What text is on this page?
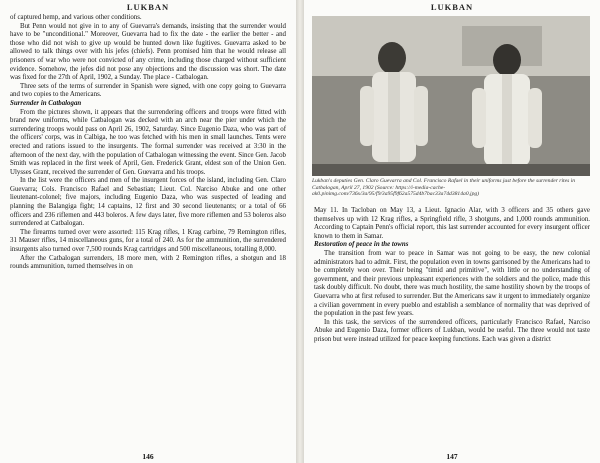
LUKBAN

of captured hemp, and various other conditions.

But Penn would not give in to any of Guevarra's demands, insisting that the surrender would have to be "unconditional." Moreover, Guevarra had to fix the date - the earlier the better - and those who did not wish to give up would be hunted down like fugitives. Guevarra asked to be allowed to talk things over with his jefes (chiefs). Penn promised him that he would release all prisoners of war who were not convicted of any crime, including those charged without sufficient evidence. Somehow, the jefes did not pose any objections and the discussion was short. The date was fixed for the 27th of April, 1902, a Sunday. The place - Catbalogan.

Three sets of the terms of surrender in Spanish were signed, with one copy going to Guevarra and two copies to the Americans.

Surrender in Catbalogan

From the pictures shown, it appears that the surrendering officers and troops were fitted with brand new uniforms, while Catbalogan was decked with an arch near the pier under which the surrendering troops would pass on April 26, 1902, Saturday. Since Eugenio Daza, who was part of the officers' corps, was in Calbiga, he too was fetched with his men in small launches. Tents were erected and rations issued to the insurgents. The formal surrender was received at 3:30 in the afternoon of the next day, with the population of Catbalogan witnessing the event. Since Gen. Jacob Smith was replaced in the first week of April, Gen. Frederick Grant, eldest son of the Union Gen. Ulysses Grant, received the surrender of Gen. Guevarra and his troops.

In the list were the officers and men of the insurgent forces of the island, including Gen. Claro Guevarra; Cols. Francisco Rafael and Sebastian; Lieut. Col. Narciso Abuke and one other lieutenant-colonel; five majors, including Eugenio Daza, who was suspected of leading and planning the Balangiga fight; 14 captains, 12 first and 30 second lieutenants; or a total of 66 officers and 236 riflemen and 443 boleros. A few days later, five more riflemen and 53 boleros also surrendered at Catbalogan.

The firearms turned over were assorted: 115 Krag rifles, 1 Krag carbine, 79 Remington rifles, 31 Mauser rifles, 14 miscellaneous guns, for a total of 240. As for the ammunition, the surrendered insurgents also turned over 7,500 rounds Krag cartridges and 500 miscellaneous, totalling 8,000.

After the Catbalogan surrenders, 18 more men, with 2 Remington rifles, a shotgun and 18 rounds ammunition, turned themselves in on

146
LUKBAN
Lukban's deputies Gen. Claro Guevarra and Col. Francisco Rafael in their uniforms just before the surrender rites in Catbalogan, April 27, 1902 (Source: https://i-media-cache-ak0.pinimg.com/736x/3a/95/f9/3a95f9f62a575d4b7bac33a74d3814a0.jpg)

May 11. In Tacloban on May 13, a Lieut. Ignacio Alar, with 3 officers and 35 others gave themselves up with 12 Krag rifles, a Springfield rifle, 3 shotguns, and 1,000 rounds ammunition. According to Captain Penn's official report, this last surrender accounted for every insurgent officer known to them in Samar.

Restoration of peace in the towns

The transition from war to peace in Samar was not going to be easy, the new colonial administrators had to admit. First, the population even in towns garrisoned by the Americans had to be completely won over. Their being "timid and primitive", with little or no understanding of government, and their previous unpleasant experiences with the soldiers and the police, made this task doubly difficult. No doubt, there was much hostility, the same hostility shown by the troops of Guevarra who at first refused to surrender. But the Americans saw it urgent to immediately organize a civilian government in every pueblo and establish a semblance of normality that was deprived of the population in the past few years.

In this task, the services of the surrendered officers, particularly Francisco Rafael, Narciso Abuke and Eugenio Daza, former officers of Lukban, would be useful. The three would not taste prison but were instead utilized for peace keeping functions. Each was given a district

147
